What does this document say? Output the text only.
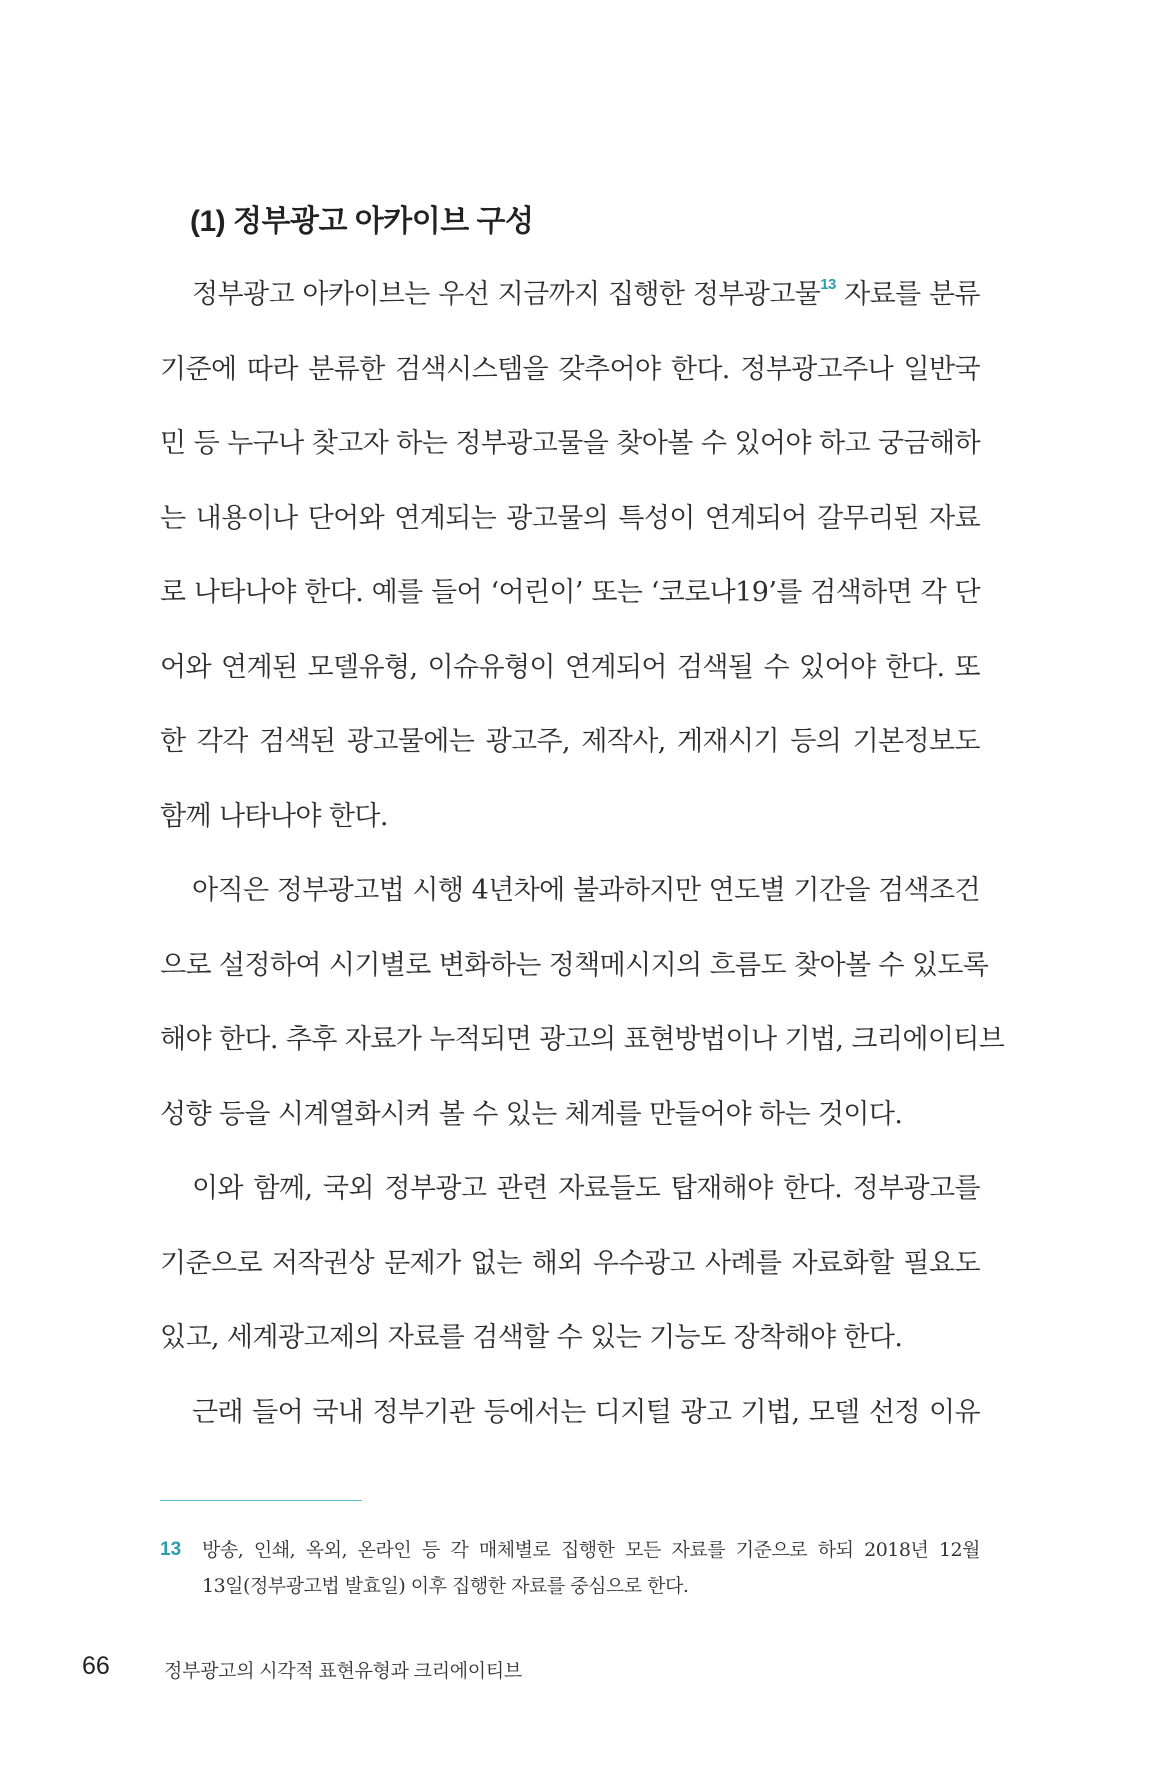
(1) 정부광고 아카이브 구성
정부광고 아카이브는 우선 지금까지 집행한 정부광고물$^{13}$ 자료를 분류
기준에 따라 분류한 검색시스템을 갖추어야 한다. 정부광고주나 일반국
민 등 누구나 찾고자 하는 정부광고물을 찾아볼 수 있어야 하고 궁금해하
는 내용이나 단어와 연계되는 광고물의 특성이 연계되어 갈무리된 자료
로 나타나야 한다. 예를 들어 ‘어린이’ 또는 ‘코로나19’를 검색하면 각 단
어와 연계된 모델유형, 이슈유형이 연계되어 검색될 수 있어야 한다. 또
한 각각 검색된 광고물에는 광고주, 제작사, 게재시기 등의 기본정보도
함께 나타나야 한다.
아직은 정부광고법 시행 4년차에 불과하지만 연도별 기간을 검색조건
으로 설정하여 시기별로 변화하는 정책메시지의 흐름도 찾아볼 수 있도록
해야 한다. 추후 자료가 누적되면 광고의 표현방법이나 기법, 크리에이티브
성향 등을 시계열화시켜 볼 수 있는 체계를 만들어야 하는 것이다.
이와 함께, 국외 정부광고 관련 자료들도 탑재해야 한다. 정부광고를
기준으로 저작권상 문제가 없는 해외 우수광고 사례를 자료화할 필요도
있고, 세계광고제의 자료를 검색할 수 있는 기능도 장착해야 한다.
근래 들어 국내 정부기관 등에서는 디지털 광고 기법, 모델 선정 이유
13 방송, 인쇄, 옥외, 온라인 등 각 매체별로 집행한 모든 자료를 기준으로 하되 2018년 12월
13일(정부광고법 발효일) 이후 집행한 자료를 중심으로 한다.
66	정부광고의 시각적 표현유형과 크리에이티브
